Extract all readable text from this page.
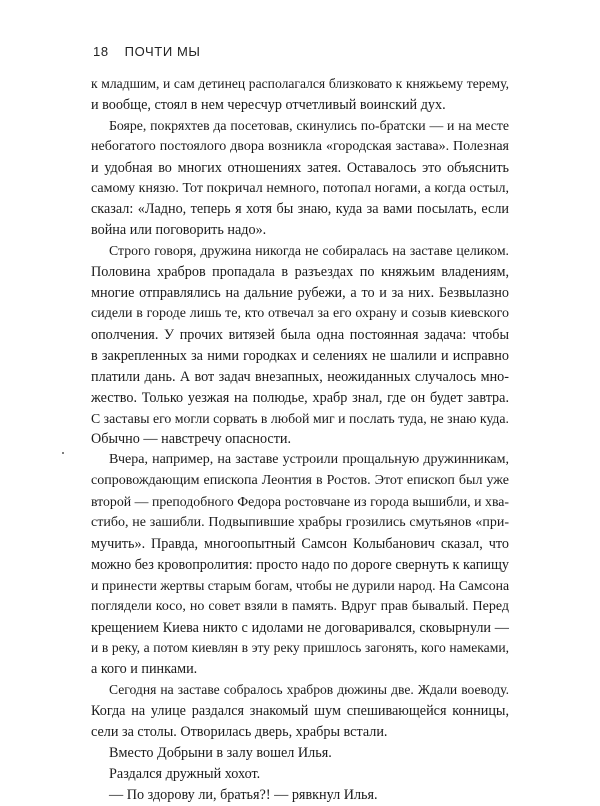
18 ПОЧТИ МЫ

к младшим, и сам детинец располагался близковато к княжьему терему,
и вообще, стоял в нем чересчур отчетливый воинский дух.

Бояре, покряхтев да посетовав, скинулись по-братски — и на месте
небогатого постоялого двора возникла «городская застава». Полезная
и удобная во многих отношениях затея. Оставалось это объяснить
самому князю. Тот покричал немного, потопал ногами, а когда остыл,
сказал: «Ладно, теперь я хотя бы знаю, куда за вами посылать, если
война или поговорить надо».

Строго говоря, дружина никогда не собиралась на заставе целиком.
Половина храбров пропадала в разъездах по княжьим владениям,
многие отправлялись на дальние рубежи, а то и за них. Безвылазно
сидели в городе лишь те, кто отвечал за его охрану и созыв киевского
ополчения. У прочих витязей была одна постоянная задача: чтобы
в закрепленных за ними городках и селениях не шалили и исправно
платили дань. А вот задач внезапных, неожиданных случалось мно-
жество. Только уезжая на полюдье, храбр знал, где он будет завтра.
С заставы его могли сорвать в любой миг и послать туда, не знаю куда.
Обычно — навстречу опасности.

Вчера, например, на заставе устроили прощальную дружинникам,
сопровождающим епископа Леонтия в Ростов. Этот епископ был уже
второй — преподобного Федора ростовчане из города вышибли, и хва-
стибо, не зашибли. Подвыпившие храбры грозились смутьянов «при-
мучить». Правда, многоопытный Самсон Колыбанович сказал, что
можно без кровопролития: просто надо по дороге свернуть к капищу
и принести жертвы старым богам, чтобы не дурили народ. На Самсона
поглядели косо, но совет взяли в память. Вдруг прав бывалый. Перед
крещением Киева никто с идолами не договаривался, сковырнули —
и в реку, а потом киевлян в эту реку пришлось загонять, кого намеками,
а кого и пинками.

Сегодня на заставе собралось храбров дюжины две. Ждали воеводу.
Когда на улице раздался знакомый шум спешивающейся конницы,
сели за столы. Отворилась дверь, храбры встали.

Вместо Добрыни в залу вошел Илья.

Раздался дружный хохот.

— По здорову ли, братья?! — рявкнул Илья.
